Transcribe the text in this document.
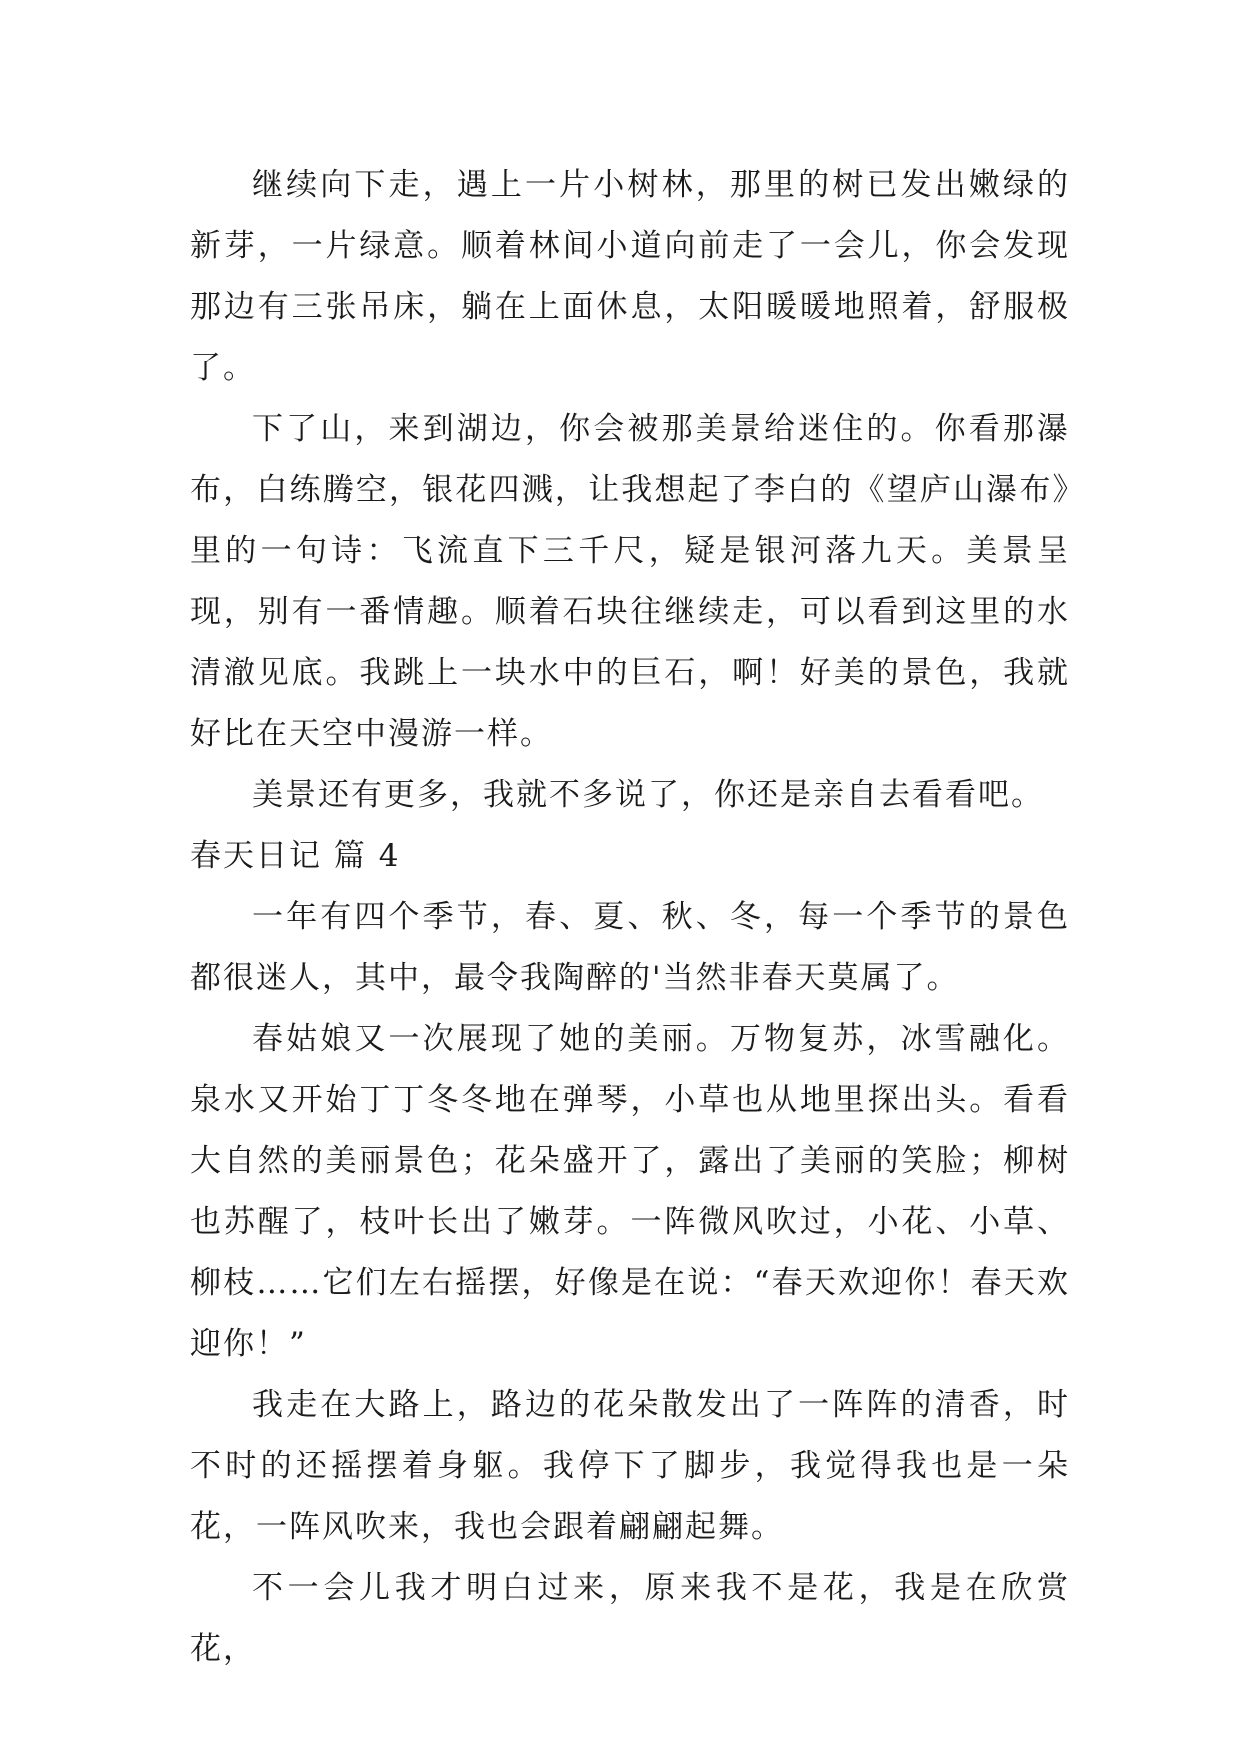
继续向下走，遇上一片小树林，那里的树已发出嫩绿的新芽，一片绿意。顺着林间小道向前走了一会儿，你会发现那边有三张吊床，躺在上面休息，太阳暖暖地照着，舒服极了。

下了山，来到湖边，你会被那美景给迷住的。你看那瀑布，白练腾空，银花四溅，让我想起了李白的《望庐山瀑布》里的一句诗：飞流直下三千尺，疑是银河落九天。美景呈现，别有一番情趣。顺着石块往继续走，可以看到这里的水清澈见底。我跳上一块水中的巨石，啊！好美的景色，我就好比在天空中漫游一样。

美景还有更多，我就不多说了，你还是亲自去看看吧。

春天日记 篇 4

一年有四个季节，春、夏、秋、冬，每一个季节的景色都很迷人，其中，最令我陶醉的'当然非春天莫属了。

春姑娘又一次展现了她的美丽。万物复苏，冰雪融化。泉水又开始丁丁冬冬地在弹琴，小草也从地里探出头。看看大自然的美丽景色；花朵盛开了，露出了美丽的笑脸；柳树也苏醒了，枝叶长出了嫩芽。一阵微风吹过，小花、小草、柳枝……它们左右摇摆，好像是在说：“春天欢迎你！春天欢迎你！”

我走在大路上，路边的花朵散发出了一阵阵的清香，时不时的还摇摆着身躯。我停下了脚步，我觉得我也是一朵花，一阵风吹来，我也会跟着翩翩起舞。

不一会儿我才明白过来，原来我不是花，我是在欣赏花，
